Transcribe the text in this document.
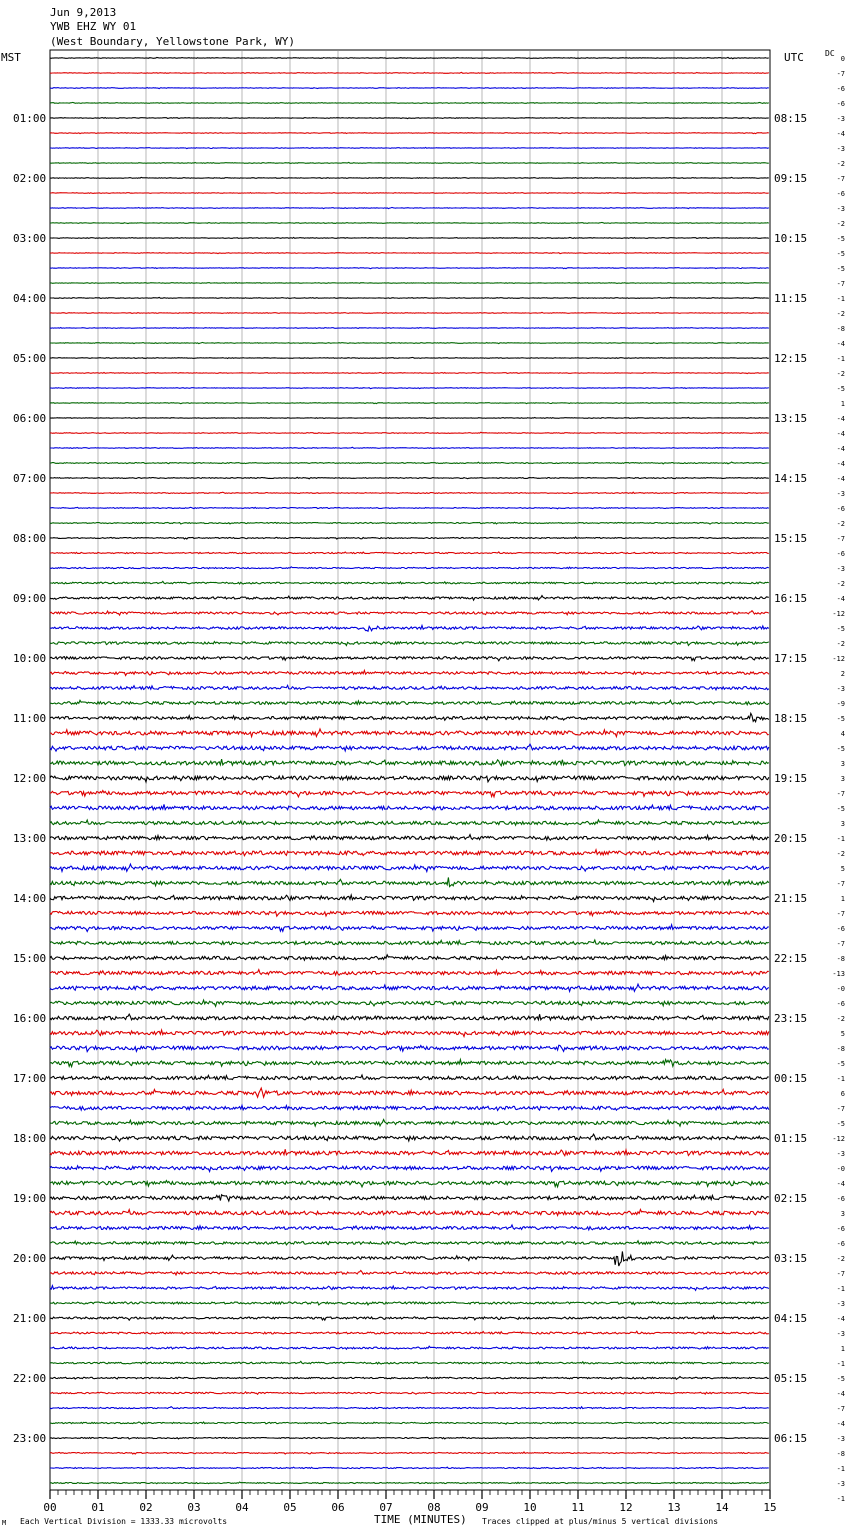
Jun 9,2013
YWB EHZ WY 01
(West Boundary, Yellowstone Park, WY)
MST	UTC	DC
01:00
02:00
03:00
04:00
05:00
06:00
07:00
08:00
09:00
10:00
11:00
12:00
13:00
14:00
15:00
16:00
17:00
18:00
19:00
20:00
21:00
22:00
23:00
08:15
09:15
10:15
11:15
12:15
13:15
14:15
15:15
16:15
17:15
18:15
19:15
20:15
21:15
22:15
23:15
00:15
01:15
02:15
03:15
04:15
05:15
06:15
0
-7
-6
-6
-3
-4
-3
-2
-7
-6
-3
-2
-5
-5
-5
-7
-1
-2
-8
-4
-1
-2
-5
1
-4
-4
-4
-4
-4
-3
-6
-2
-7
-6
-3
-2
-4
-12
-5
-2
-12
2
-3
-9
-5
4
-5
3
3
-7
-5
3
-1
-2
5
-7
1
-7
-6
-7
-8
-13
-0
-6
-2
5
-8
-5
-1
6
-7
-5
-12
-3
-0
-4
-6
3
-6
-6
-2
-7
-1
-3
-4
-3
1
-1
-5
-4
-7
-4
-3
-8
-1
-3
-1
00	01	02	03	04	05	06	07	08	09	10	11	12	13	14	15
M Each Vertical Division = 1333.33 microvolts	TIME (MINUTES) Traces clipped at plus/minus 5 vertical divisions
